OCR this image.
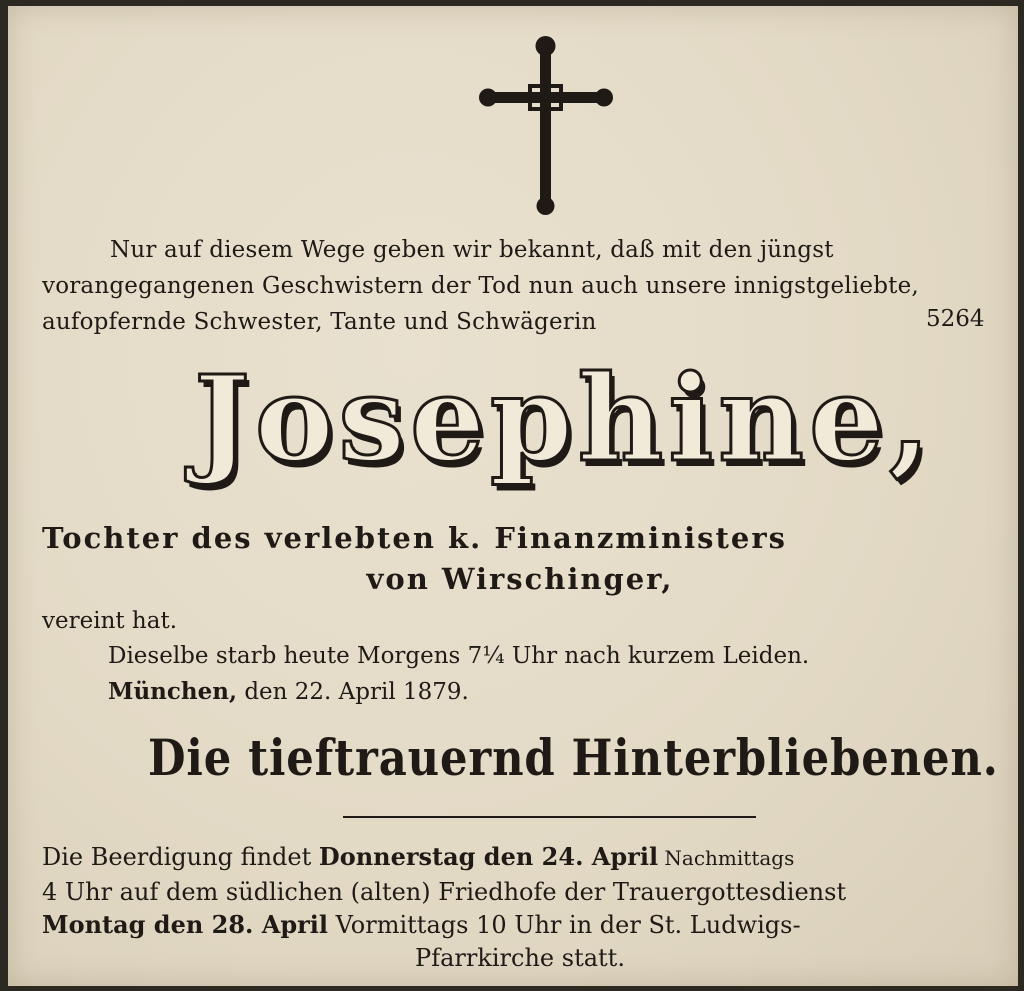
Nur auf diesem Wege geben wir bekannt, daß mit den jüngst
vorangegangenen Geschwistern der Tod nun auch unsere innigstgeliebte,
aufopfernde Schwester, Tante und Schwägerin	5264
Josephine,
Tochter des verlebten k. Finanzministers
von Wirschinger,
vereint hat.
Dieselbe starb heute Morgens 7¼ Uhr nach kurzem Leiden.
München, den 22. April 1879.
Die tieftrauernd Hinterbliebenen.
Die Beerdigung findet Donnerstag den 24. April Nachmittags
4 Uhr auf dem südlichen (alten) Friedhofe der Trauergottesdienst
Montag den 28. April Vormittags 10 Uhr in der St. Ludwigs-
Pfarrkirche statt.
